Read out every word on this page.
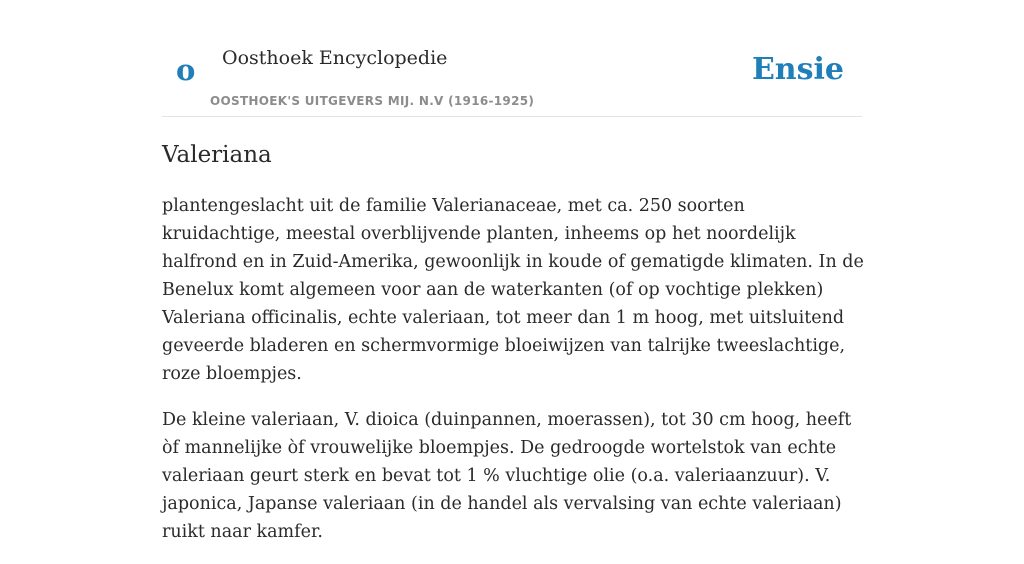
o Oosthoek Encyclopedie
OOSTHOEK'S UITGEVERS MIJ. N.V (1916-1925)
Ensie
Valeriana

plantengeslacht uit de familie Valerianaceae, met ca. 250 soorten kruidachtige, meestal overblijvende planten, inheems op het noordelijk halfrond en in Zuid-Amerika, gewoonlijk in koude of gematigde klimaten. In de Benelux komt algemeen voor aan de waterkanten (of op vochtige plekken) Valeriana officinalis, echte valeriaan, tot meer dan 1 m hoog, met uitsluitend geveerde bladeren en schermvormige bloeiwijzen van talrijke tweeslachtige, roze bloempjes.

De kleine valeriaan, V. dioica (duinpannen, moerassen), tot 30 cm hoog, heeft òf mannelijke òf vrouwelijke bloempjes. De gedroogde wortelstok van echte valeriaan geurt sterk en bevat tot 1 % vluchtige olie (o.a. valeriaanzuur). V. japonica, Japanse valeriaan (in de handel als vervalsing van echte valeriaan) ruikt naar kamfer.
